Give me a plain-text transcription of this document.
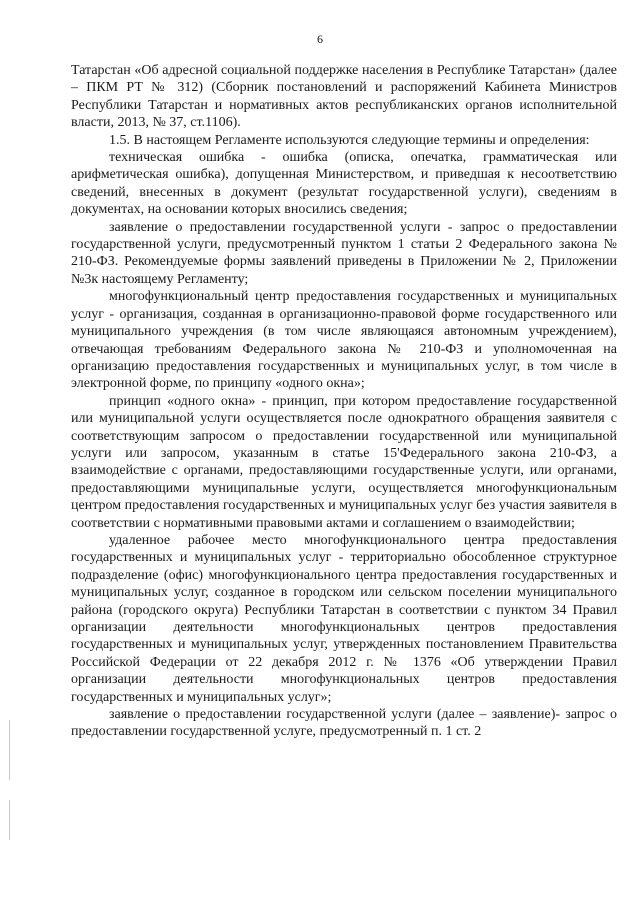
6

Татарстан «Об адресной социальной поддержке населения в Республике Татарстан» (далее – ПКМ РТ № 312) (Сборник постановлений и распоряжений Кабинета Министров Республики Татарстан и нормативных актов республиканских органов исполнительной власти, 2013, № 37, ст.1106).

1.5. В настоящем Регламенте используются следующие термины и определения:

техническая ошибка - ошибка (описка, опечатка, грамматическая или арифметическая ошибка), допущенная Министерством, и приведшая к несоответствию сведений, внесенных в документ (результат государственной услуги), сведениям в документах, на основании которых вносились сведения;

заявление о предоставлении государственной услуги - запрос о предоставлении государственной услуги, предусмотренный пунктом 1 статьи 2 Федерального закона № 210-ФЗ. Рекомендуемые формы заявлений приведены в Приложении № 2, Приложении №3к настоящему Регламенту;

многофункциональный центр предоставления государственных и муниципальных услуг - организация, созданная в организационно-правовой форме государственного или муниципального учреждения (в том числе являющаяся автономным учреждением), отвечающая требованиям Федерального закона № 210-ФЗ и уполномоченная на организацию предоставления государственных и муниципальных услуг, в том числе в электронной форме, по принципу «одного окна»;

принцип «одного окна» - принцип, при котором предоставление государственной или муниципальной услуги осуществляется после однократного обращения заявителя с соответствующим запросом о предоставлении государственной или муниципальной услуги или запросом, указанным в статье 15'Федерального закона 210-ФЗ, а взаимодействие с органами, предоставляющими государственные услуги, или органами, предоставляющими муниципальные услуги, осуществляется многофункциональным центром предоставления государственных и муниципальных услуг без участия заявителя в соответствии с нормативными правовыми актами и соглашением о взаимодействии;

удаленное рабочее место многофункционального центра предоставления государственных и муниципальных услуг - территориально обособленное структурное подразделение (офис) многофункционального центра предоставления государственных и муниципальных услуг, созданное в городском или сельском поселении муниципального района (городского округа) Республики Татарстан в соответствии с пунктом 34 Правил организации деятельности многофункциональных центров предоставления государственных и муниципальных услуг, утвержденных постановлением Правительства Российской Федерации от 22 декабря 2012 г. № 1376 «Об утверждении Правил организации деятельности многофункциональных центров предоставления государственных и муниципальных услуг»;

заявление о предоставлении государственной услуги (далее – заявление)- запрос о предоставлении государственной услуге, предусмотренный п. 1 ст. 2
